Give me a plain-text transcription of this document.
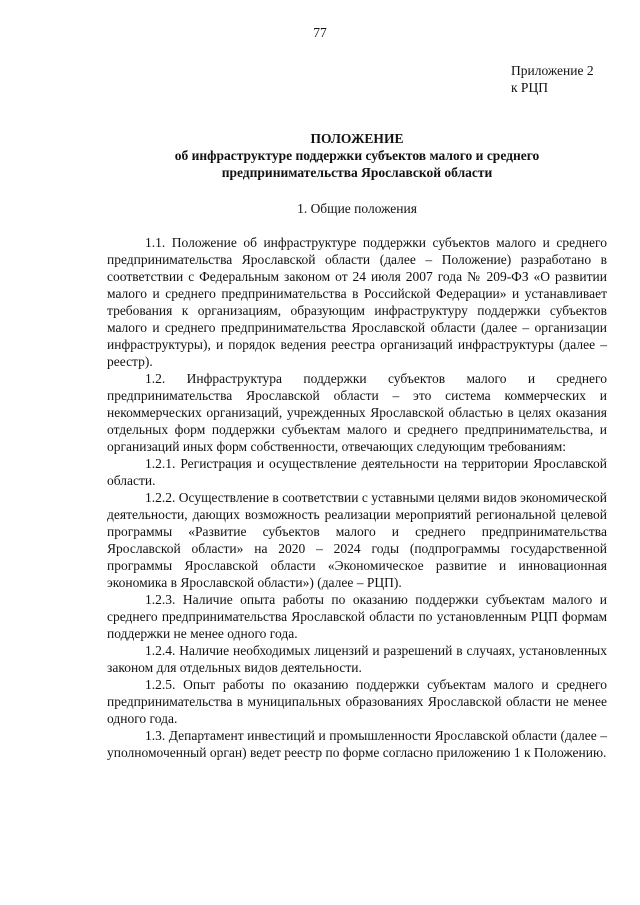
77
Приложение 2
к РЦП
ПОЛОЖЕНИЕ
об инфраструктуре поддержки субъектов малого и среднего
предпринимательства Ярославской области
1. Общие положения

1.1. Положение об инфраструктуре поддержки субъектов малого и среднего предпринимательства Ярославской области (далее – Положение) разработано в соответствии с Федеральным законом от 24 июля 2007 года № 209-ФЗ «О развитии малого и среднего предпринимательства в Российской Федерации» и устанавливает требования к организациям, образующим инфраструктуру поддержки субъектов малого и среднего предпринимательства Ярославской области (далее – организации инфраструктуры), и порядок ведения реестра организаций инфраструктуры (далее – реестр).

1.2. Инфраструктура поддержки субъектов малого и среднего предпринимательства Ярославской области – это система коммерческих и некоммерческих организаций, учрежденных Ярославской областью в целях оказания отдельных форм поддержки субъектам малого и среднего предпринимательства, и организаций иных форм собственности, отвечающих следующим требованиям:

1.2.1. Регистрация и осуществление деятельности на территории Ярославской области.

1.2.2. Осуществление в соответствии с уставными целями видов экономической деятельности, дающих возможность реализации мероприятий региональной целевой программы «Развитие субъектов малого и среднего предпринимательства Ярославской области» на 2020 – 2024 годы (подпрограммы государственной программы Ярославской области «Экономическое развитие и инновационная экономика в Ярославской области») (далее – РЦП).

1.2.3. Наличие опыта работы по оказанию поддержки субъектам малого и среднего предпринимательства Ярославской области по установленным РЦП формам поддержки не менее одного года.

1.2.4. Наличие необходимых лицензий и разрешений в случаях, установленных законом для отдельных видов деятельности.

1.2.5. Опыт работы по оказанию поддержки субъектам малого и среднего предпринимательства в муниципальных образованиях Ярославской области не менее одного года.

1.3. Департамент инвестиций и промышленности Ярославской области (далее – уполномоченный орган) ведет реестр по форме согласно приложению 1 к Положению.
